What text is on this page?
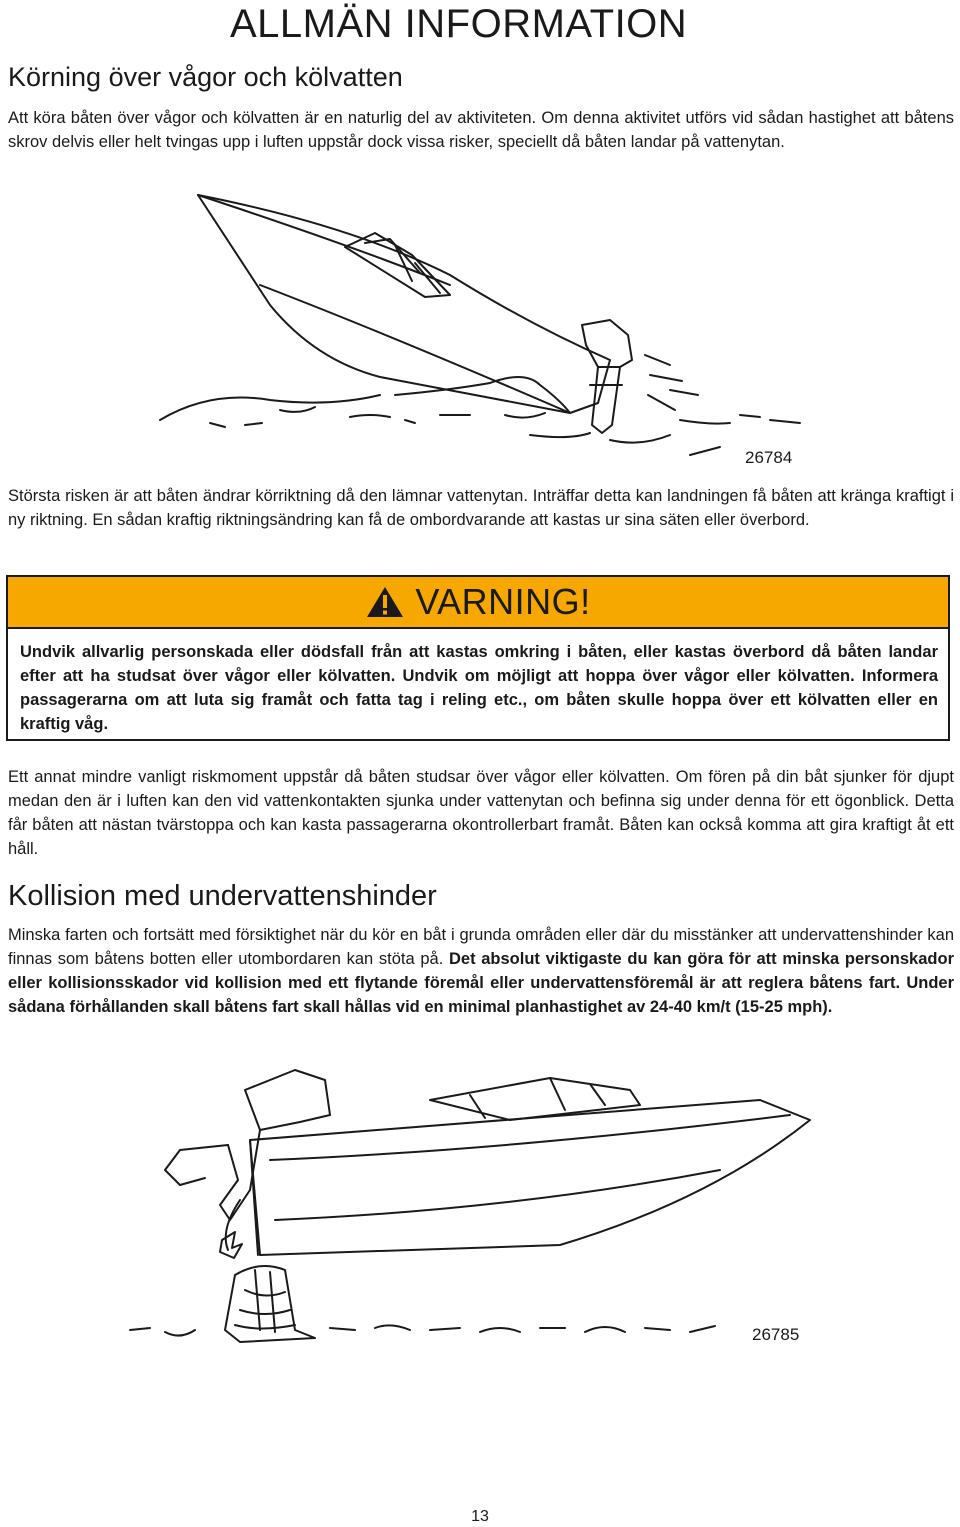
ALLMÄN INFORMATION
Körning över vågor och kölvatten

Att köra båten över vågor och kölvatten är en naturlig del av aktiviteten. Om denna aktivitet utförs vid sådan hastighet att båtens skrov delvis eller helt tvingas upp i luften uppstår dock vissa risker, speciellt då båten landar på vattenytan.

26784

Största risken är att båten ändrar körriktning då den lämnar vattenytan. Inträffar detta kan landningen få båten att kränga kraftigt i ny riktning. En sådan kraftig riktningsändring kan få de ombordvarande att kastas ur sina säten eller överbord.

VARNING!
Undvik allvarlig personskada eller dödsfall från att kastas omkring i båten, eller kastas överbord då båten landar efter att ha studsat över vågor eller kölvatten. Undvik om möjligt att hoppa över vågor eller kölvatten. Informera passagerarna om att luta sig framåt och fatta tag i reling etc., om båten skulle hoppa över ett kölvatten eller en kraftig våg.

Ett annat mindre vanligt riskmoment uppstår då båten studsar över vågor eller kölvatten. Om fören på din båt sjunker för djupt medan den är i luften kan den vid vattenkontakten sjunka under vattenytan och befinna sig under denna för ett ögonblick. Detta får båten att nästan tvärstoppa och kan kasta passagerarna okontrollerbart framåt. Båten kan också komma att gira kraftigt åt ett håll.

Kollision med undervattenshinder

Minska farten och fortsätt med försiktighet när du kör en båt i grunda områden eller där du misstänker att undervattenshinder kan finnas som båtens botten eller utombordaren kan stöta på. Det absolut viktigaste du kan göra för att minska personskador eller kollisionsskador vid kollision med ett flytande föremål eller undervattensföremål är att reglera båtens fart. Under sådana förhållanden skall båtens fart skall hållas vid en minimal planhastighet av 24-40 km/t (15-25 mph).

26785
13
